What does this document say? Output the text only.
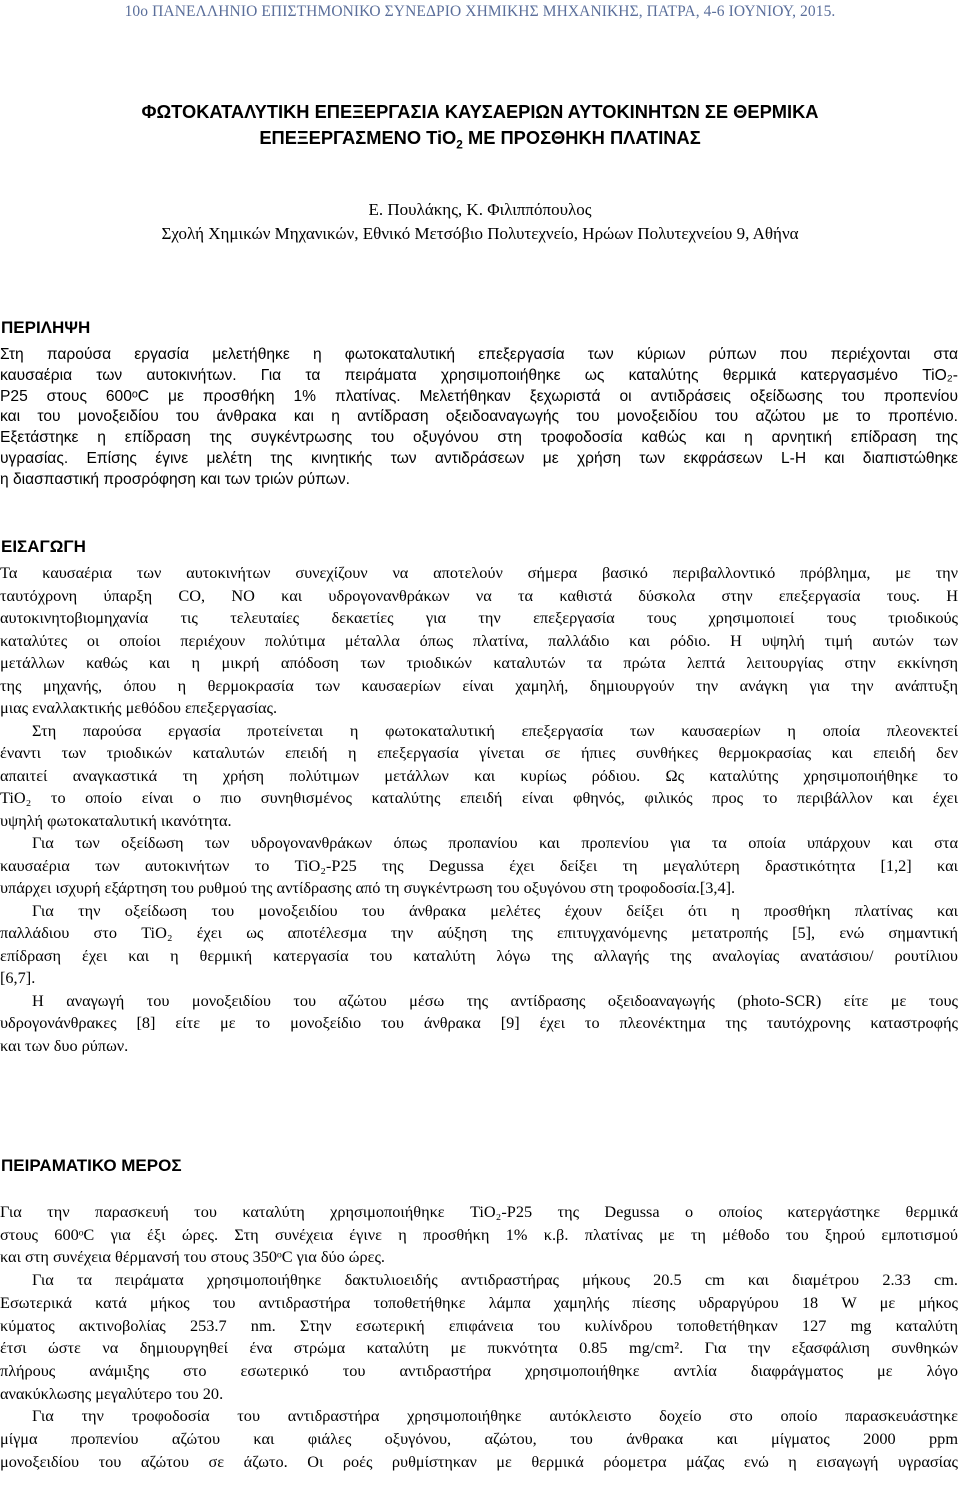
10ο ΠΑΝΕΛΛΗΝΙΟ ΕΠΙΣΤΗΜΟΝΙΚΟ ΣΥΝΕΔΡΙΟ ΧΗΜΙΚΗΣ ΜΗΧΑΝΙΚΗΣ, ΠΑΤΡΑ, 4-6 ΙΟΥΝΙΟΥ, 2015.
ΦΩΤΟΚΑΤΑΛΥΤΙΚΗ ΕΠΕΞΕΡΓΑΣΙΑ ΚΑΥΣΑΕΡΙΩΝ ΑΥΤΟΚΙΝΗΤΩΝ ΣΕ ΘΕΡΜΙΚΑ
ΕΠΕΞΕΡΓΑΣΜΕΝΟ TiO$_2$ ΜΕ ΠΡΟΣΘΗΚΗ ΠΛΑΤΙΝΑΣ
Ε. Πουλάκης, Κ. Φιλιππόπουλος
Σχολή Χημικών Μηχανικών, Εθνικό Μετσόβιο Πολυτεχνείο, Ηρώων Πολυτεχνείου 9, Αθήνα
ΠΕΡΙΛΗΨΗ
Στη παρούσα εργασία μελετήθηκε η φωτοκαταλυτική επεξεργασία των κύριων ρύπων που περιέχονται στα
καυσαέρια των αυτοκινήτων. Για τα πειράματα χρησιμοποιήθηκε ως καταλύτης θερμικά κατεργασμένο TiO₂-
P25 στους 600ᵒC με προσθήκη 1% πλατίνας. Μελετήθηκαν ξεχωριστά οι αντιδράσεις οξείδωσης του προπενίου
και του μονοξειδίου του άνθρακα και η αντίδραση οξειδοαναγωγής του μονοξειδίου του αζώτου με το προπένιο.
Εξετάστηκε η επίδραση της συγκέντρωσης του οξυγόνου στη τροφοδοσία καθώς και η αρνητική επίδραση της
υγρασίας. Επίσης έγινε μελέτη της κινητικής των αντιδράσεων με χρήση των εκφράσεων L-H και διαπιστώθηκε
η διασπαστική προσρόφηση και των τριών ρύπων.
ΕΙΣΑΓΩΓΗ
Τα καυσαέρια των αυτοκινήτων συνεχίζουν να αποτελούν σήμερα βασικό περιβαλλοντικό πρόβλημα, με την
ταυτόχρονη ύπαρξη CO, NO και υδρογονανθράκων να τα καθιστά δύσκολα στην επεξεργασία τους. Η
αυτοκινητοβιομηχανία τις τελευταίες δεκαετίες για την επεξεργασία τους χρησιμοποιεί τους τριοδικούς
καταλύτες οι οποίοι περιέχουν πολύτιμα μέταλλα όπως πλατίνα, παλλάδιο και ρόδιο. Η υψηλή τιμή αυτών των
μετάλλων καθώς και η μικρή απόδοση των τριοδικών καταλυτών τα πρώτα λεπτά λειτουργίας στην εκκίνηση
της μηχανής, όπου η θερμοκρασία των καυσαερίων είναι χαμηλή, δημιουργούν την ανάγκη για την ανάπτυξη
μιας εναλλακτικής μεθόδου επεξεργασίας.
Στη παρούσα εργασία προτείνεται η φωτοκαταλυτική επεξεργασία των καυσαερίων η οποία πλεονεκτεί
έναντι των τριοδικών καταλυτών επειδή η επεξεργασία γίνεται σε ήπιες συνθήκες θερμοκρασίας και επειδή δεν
απαιτεί αναγκαστικά τη χρήση πολύτιμων μετάλλων και κυρίως ρόδιου. Ως καταλύτης χρησιμοποιήθηκε το
TiO₂ το οποίο είναι ο πιο συνηθισμένος καταλύτης επειδή είναι φθηνός, φιλικός προς το περιβάλλον και έχει
υψηλή φωτοκαταλυτική ικανότητα.
Για των οξείδωση των υδρογονανθράκων όπως προπανίου και προπενίου για τα οποία υπάρχουν και στα
καυσαέρια των αυτοκινήτων το TiO₂-P25 της Degussa έχει δείξει τη μεγαλύτερη δραστικότητα [1,2] και
υπάρχει ισχυρή εξάρτηση του ρυθμού της αντίδρασης από τη συγκέντρωση του οξυγόνου στη τροφοδοσία.[3,4].
Για την οξείδωση του μονοξειδίου του άνθρακα μελέτες έχουν δείξει ότι η προσθήκη πλατίνας και
παλλάδιου στο TiO₂ έχει ως αποτέλεσμα την αύξηση της επιτυγχανόμενης μετατροπής [5], ενώ σημαντική
επίδραση έχει και η θερμική κατεργασία του καταλύτη λόγω της αλλαγής της αναλογίας ανατάσιου/ ρουτίλιου
[6,7].
Η αναγωγή του μονοξειδίου του αζώτου μέσω της αντίδρασης οξειδοαναγωγής (photo-SCR) είτε με τους
υδρογονάνθρακες [8] είτε με το μονοξείδιο του άνθρακα [9] έχει το πλεονέκτημα της ταυτόχρονης καταστροφής
και των δυο ρύπων.
ΠΕΙΡΑΜΑΤΙΚΟ ΜΕΡΟΣ
Για την παρασκευή του καταλύτη χρησιμοποιήθηκε TiO₂-P25 της Degussa ο οποίος κατεργάστηκε θερμικά
στους 600ᵒC για έξι ώρες. Στη συνέχεια έγινε η προσθήκη 1% κ.β. πλατίνας με τη μέθοδο του ξηρού εμποτισμού
και στη συνέχεια θέρμανσή του στους 350ᵒC για δύο ώρες.
Για τα πειράματα χρησιμοποιήθηκε δακτυλιοειδής αντιδραστήρας μήκους 20.5 cm και διαμέτρου 2.33 cm.
Εσωτερικά κατά μήκος του αντιδραστήρα τοποθετήθηκε λάμπα χαμηλής πίεσης υδραργύρου 18 W με μήκος
κύματος ακτινοβολίας 253.7 nm. Στην εσωτερική επιφάνεια του κυλίνδρου τοποθετήθηκαν 127 mg καταλύτη
έτσι ώστε να δημιουργηθεί ένα στρώμα καταλύτη με πυκνότητα 0.85 mg/cm². Για την εξασφάλιση συνθηκών
πλήρους ανάμιξης στο εσωτερικό του αντιδραστήρα χρησιμοποιήθηκε αντλία διαφράγματος με λόγο
ανακύκλωσης μεγαλύτερο του 20.
Για την τροφοδοσία του αντιδραστήρα χρησιμοποιήθηκε αυτόκλειστο δοχείο στο οποίο παρασκευάστηκε
μίγμα προπενίου αζώτου και φιάλες οξυγόνου, αζώτου, του άνθρακα και μίγματος 2000 ppm
μονοξειδίου του αζώτου σε άζωτο. Οι ροές ρυθμίστηκαν με θερμικά ρόομετρα μάζας ενώ η εισαγωγή υγρασίας
